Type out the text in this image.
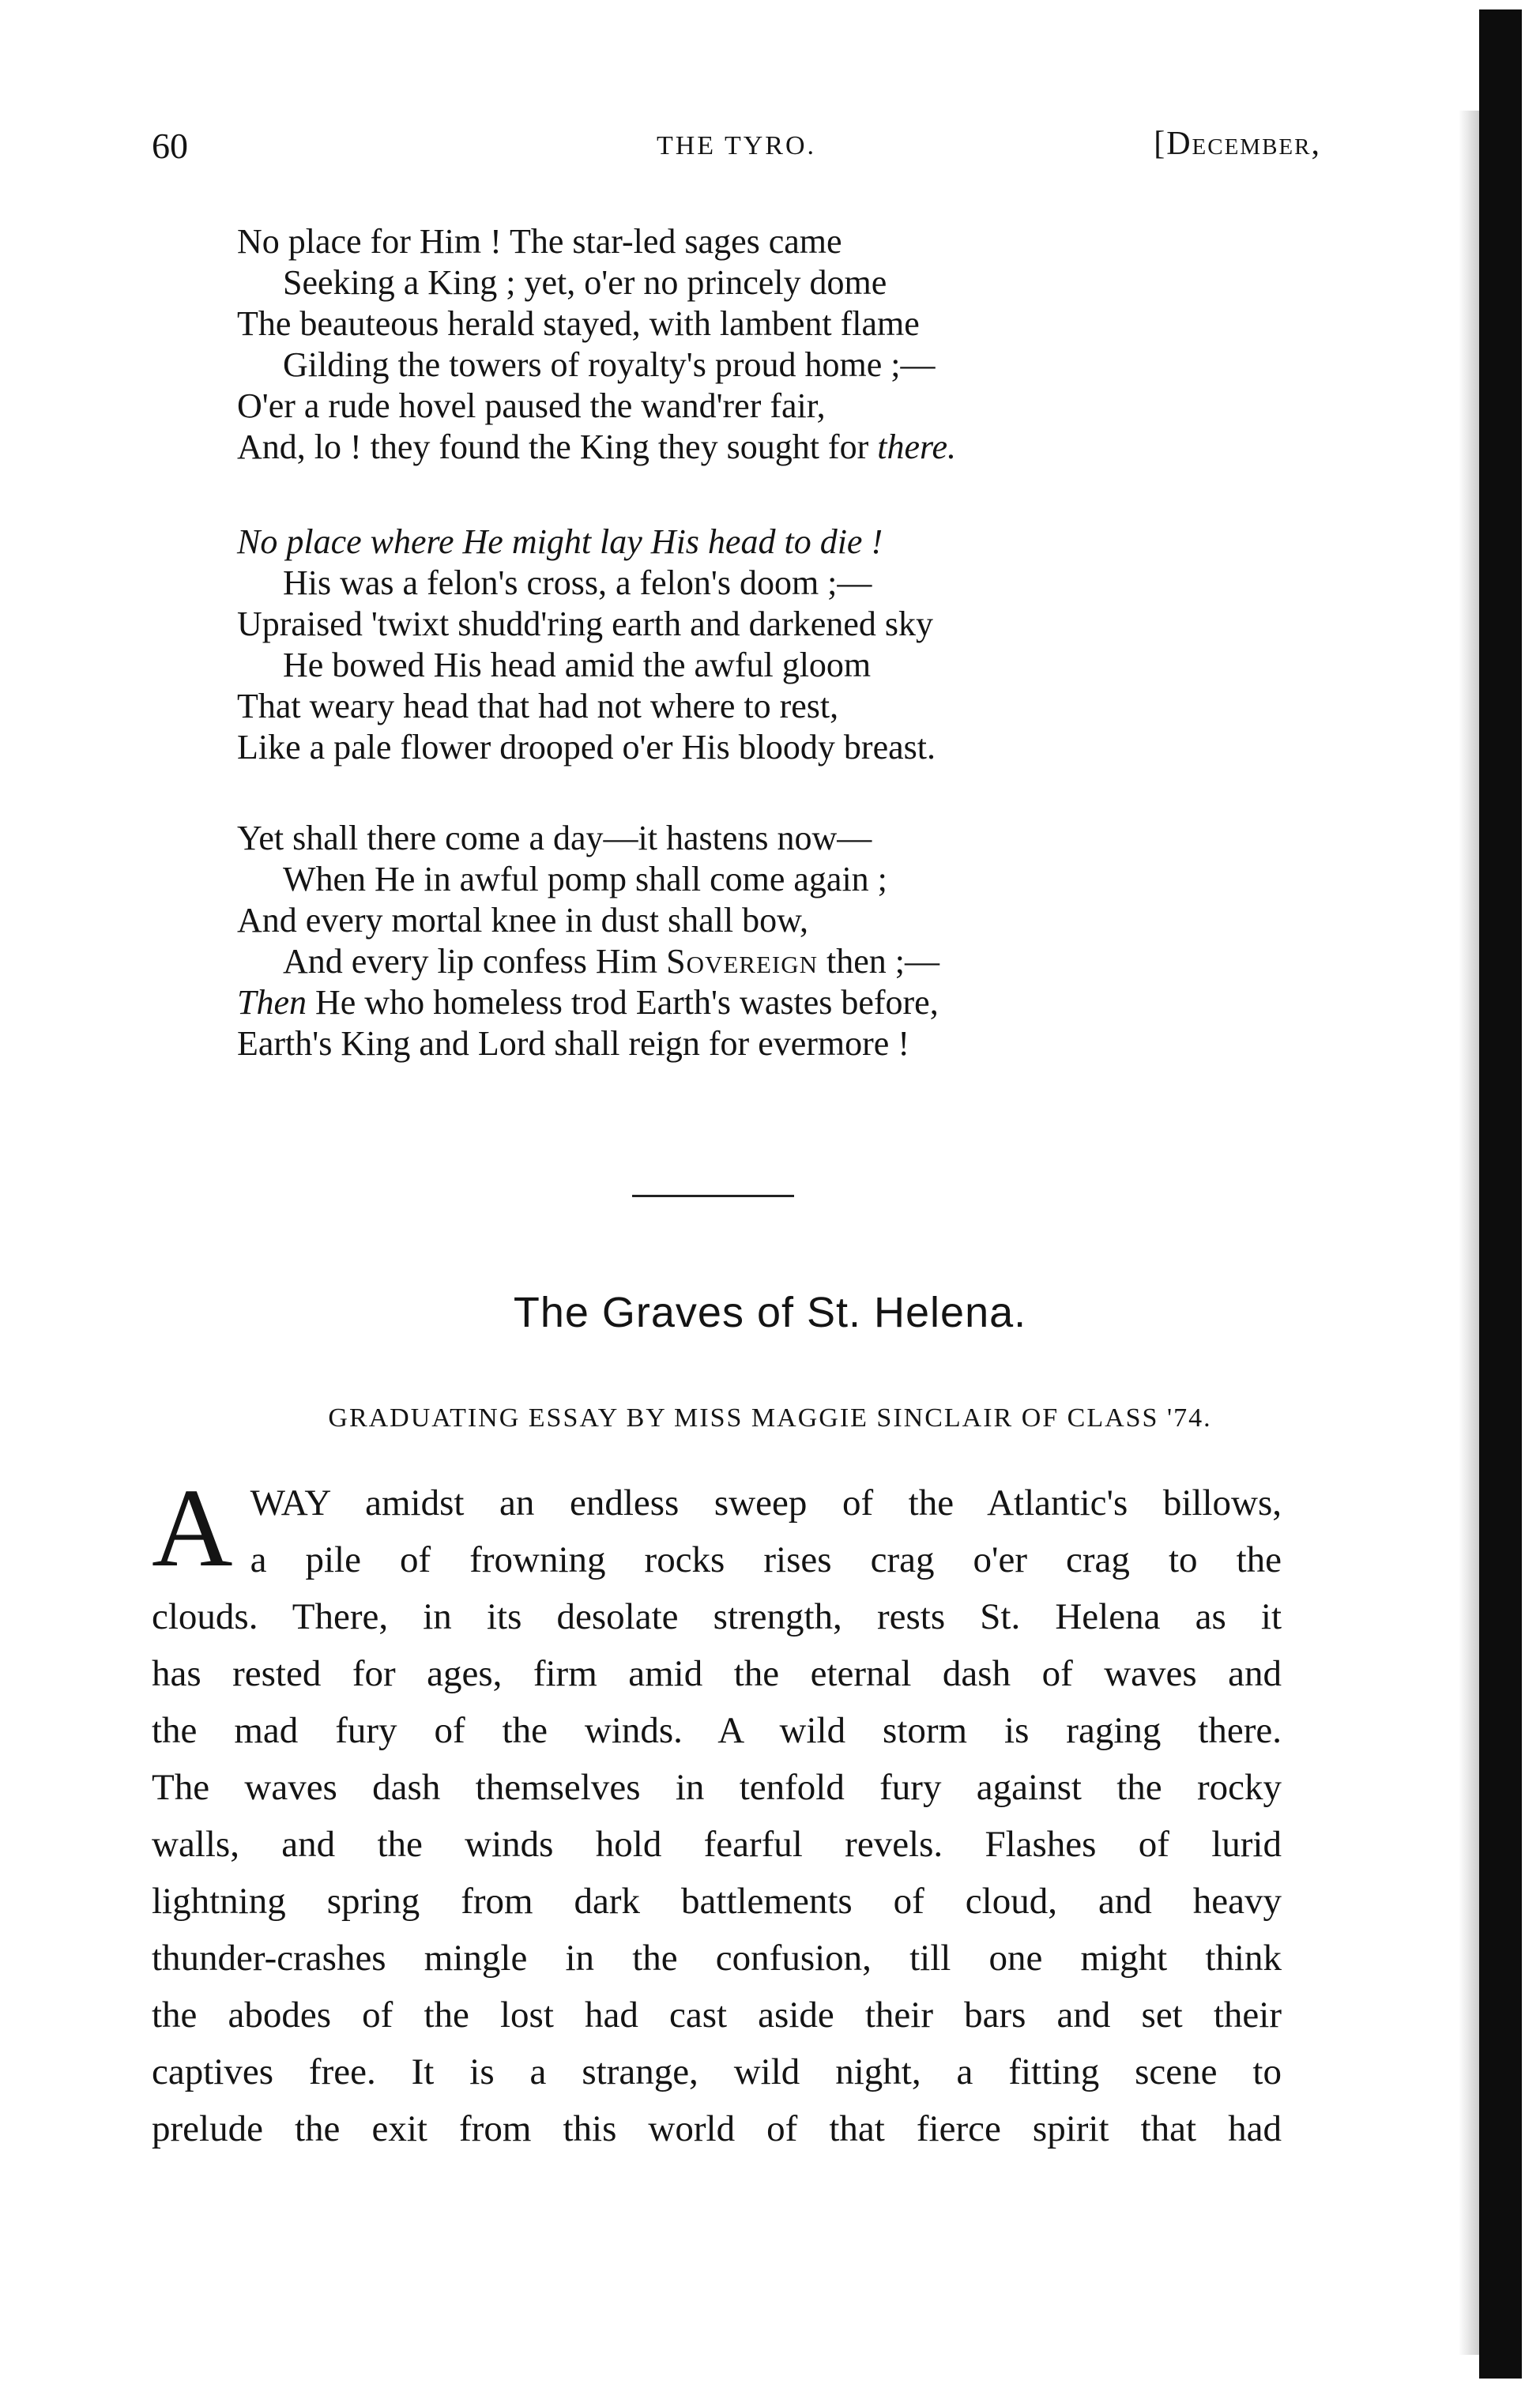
60	THE TYRO.	[December,
No place for Him ! The star-led sages came
Seeking a King ; yet, o'er no princely dome
The beauteous herald stayed, with lambent flame
Gilding the towers of royalty's proud home ;—
O'er a rude hovel paused the wand'rer fair,
And, lo ! they found the King they sought for there.
No place where He might lay His head to die !
His was a felon's cross, a felon's doom ;—
Upraised 'twixt shudd'ring earth and darkened sky
He bowed His head amid the awful gloom
That weary head that had not where to rest,
Like a pale flower drooped o'er His bloody breast.
Yet shall there come a day—it hastens now—
When He in awful pomp shall come again ;
And every mortal knee in dust shall bow,
And every lip confess Him Sovereign then ;—
Then He who homeless trod Earth's wastes before,
Earth's King and Lord shall reign for evermore !
The Graves of St. Helena.
GRADUATING ESSAY BY MISS MAGGIE SINCLAIR OF CLASS '74.
A WAY amidst an endless sweep of the Atlantic's billows,
a pile of frowning rocks rises crag o'er crag to the
clouds. There, in its desolate strength, rests St. Helena as it
has rested for ages, firm amid the eternal dash of waves and
the mad fury of the winds. A wild storm is raging there.
The waves dash themselves in tenfold fury against the rocky
walls, and the winds hold fearful revels. Flashes of lurid
lightning spring from dark battlements of cloud, and heavy
thunder-crashes mingle in the confusion, till one might think
the abodes of the lost had cast aside their bars and set their
captives free. It is a strange, wild night, a fitting scene to
prelude the exit from this world of that fierce spirit that had
